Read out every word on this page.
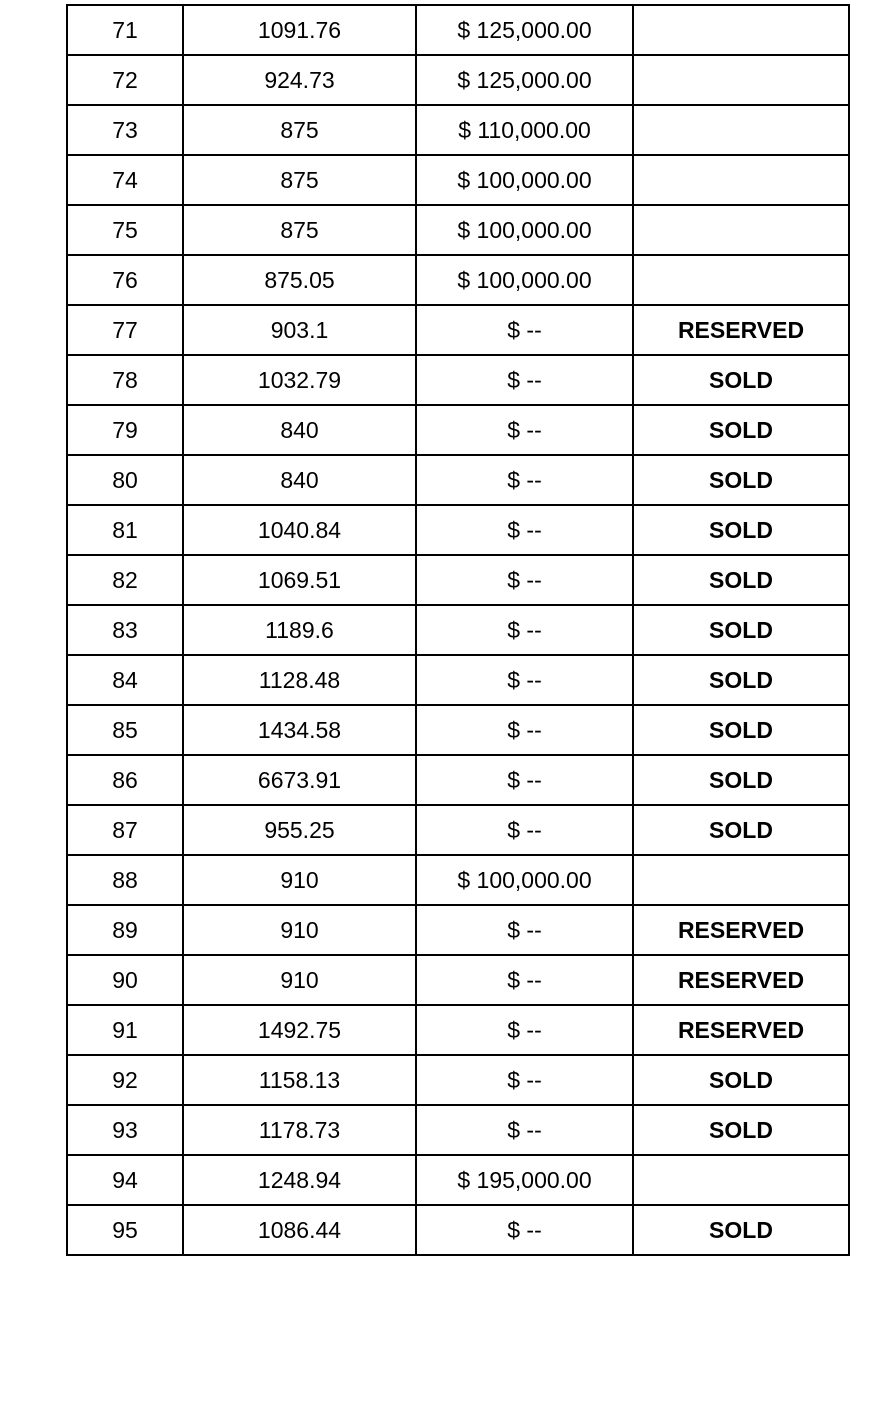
71	1091.76	$ 125,000.00	
72	924.73	$ 125,000.00	
73	875	$ 110,000.00	
74	875	$ 100,000.00	
75	875	$ 100,000.00	
76	875.05	$ 100,000.00	
77	903.1	$ --	RESERVED
78	1032.79	$ --	SOLD
79	840	$ --	SOLD
80	840	$ --	SOLD
81	1040.84	$ --	SOLD
82	1069.51	$ --	SOLD
83	1189.6	$ --	SOLD
84	1128.48	$ --	SOLD
85	1434.58	$ --	SOLD
86	6673.91	$ --	SOLD
87	955.25	$ --	SOLD
88	910	$ 100,000.00	
89	910	$ --	RESERVED
90	910	$ --	RESERVED
91	1492.75	$ --	RESERVED
92	1158.13	$ --	SOLD
93	1178.73	$ --	SOLD
94	1248.94	$ 195,000.00	
95	1086.44	$ --	SOLD
